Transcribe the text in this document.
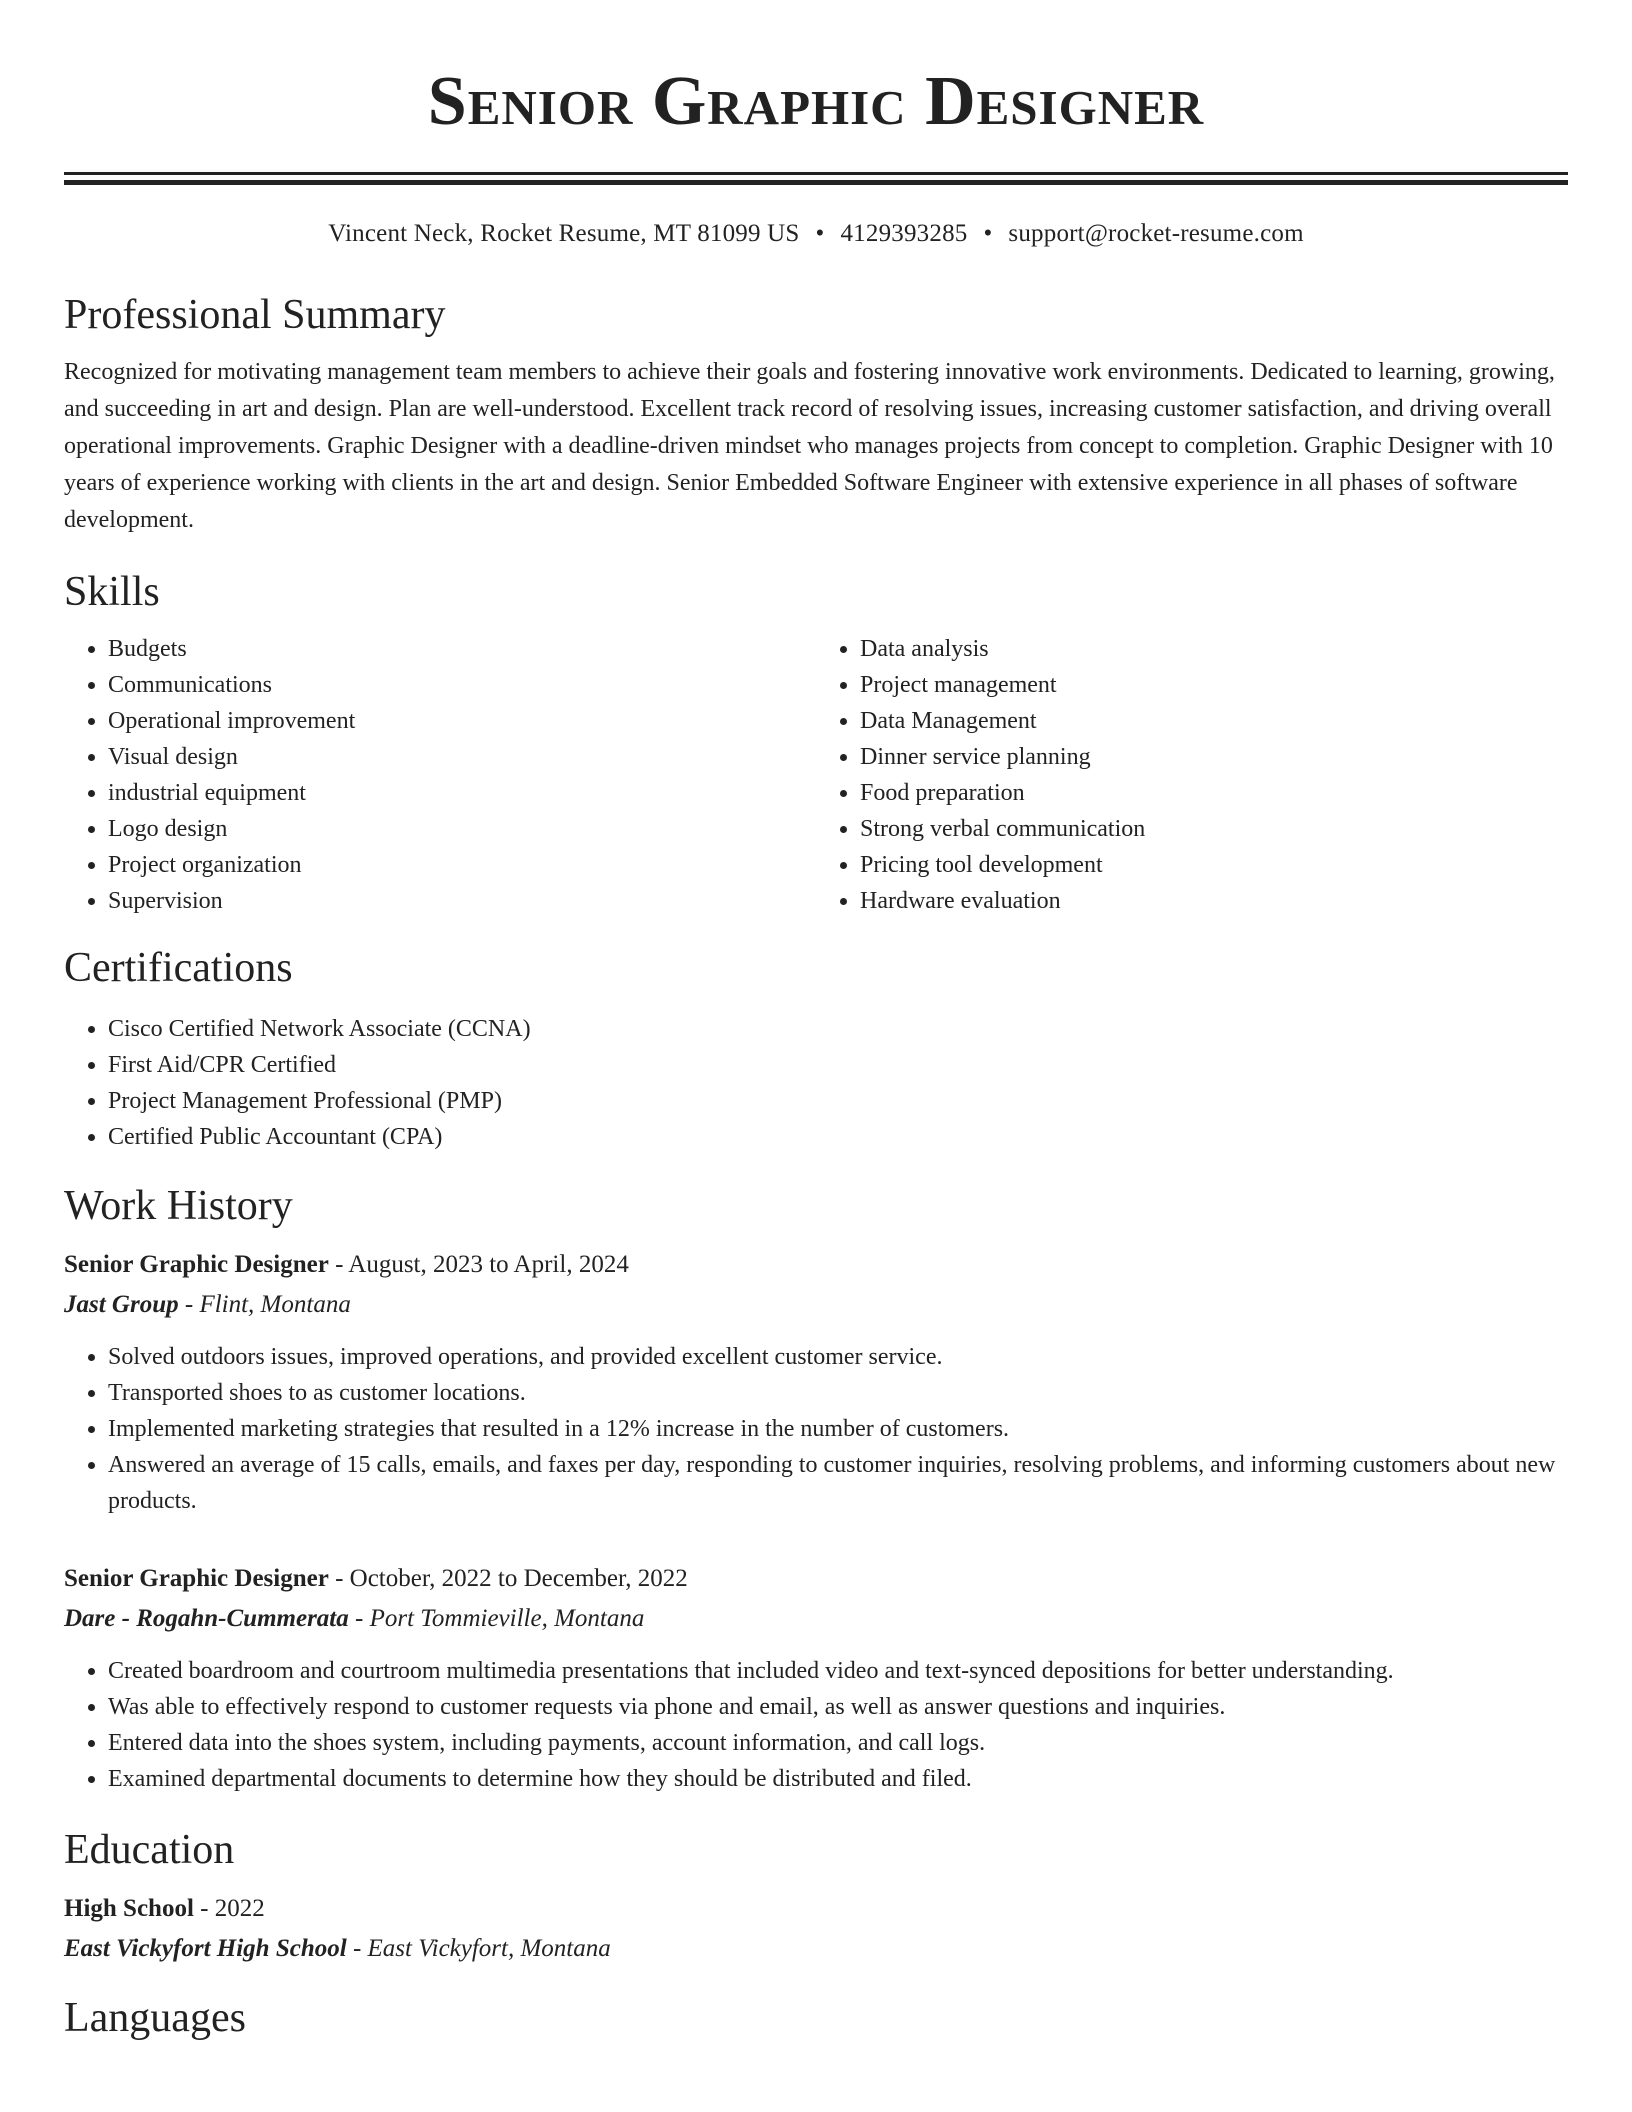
Senior Graphic Designer
Vincent Neck, Rocket Resume, MT 81099 US • 4129393285 • support@rocket-resume.com
Professional Summary

Recognized for motivating management team members to achieve their goals and fostering innovative work environments. Dedicated to learning, growing, and succeeding in art and design. Plan are well-understood. Excellent track record of resolving issues, increasing customer satisfaction, and driving overall operational improvements. Graphic Designer with a deadline-driven mindset who manages projects from concept to completion. Graphic Designer with 10 years of experience working with clients in the art and design. Senior Embedded Software Engineer with extensive experience in all phases of software development.

Skills
• Budgets
• Communications
• Operational improvement
• Visual design
• industrial equipment
• Logo design
• Project organization
• Supervision
• Data analysis
• Project management
• Data Management
• Dinner service planning
• Food preparation
• Strong verbal communication
• Pricing tool development
• Hardware evaluation
Certifications
• Cisco Certified Network Associate (CCNA)
• First Aid/CPR Certified
• Project Management Professional (PMP)
• Certified Public Accountant (CPA)
Work History
Senior Graphic Designer - August, 2023 to April, 2024
Jast Group - Flint, Montana
• Solved outdoors issues, improved operations, and provided excellent customer service.
• Transported shoes to as customer locations.
• Implemented marketing strategies that resulted in a 12% increase in the number of customers.
• Answered an average of 15 calls, emails, and faxes per day, responding to customer inquiries, resolving problems, and informing customers about new products.
Senior Graphic Designer - October, 2022 to December, 2022
Dare - Rogahn-Cummerata - Port Tommieville, Montana
• Created boardroom and courtroom multimedia presentations that included video and text-synced depositions for better understanding.
• Was able to effectively respond to customer requests via phone and email, as well as answer questions and inquiries.
• Entered data into the shoes system, including payments, account information, and call logs.
• Examined departmental documents to determine how they should be distributed and filed.
Education
High School - 2022
East Vickyfort High School - East Vickyfort, Montana
Languages
